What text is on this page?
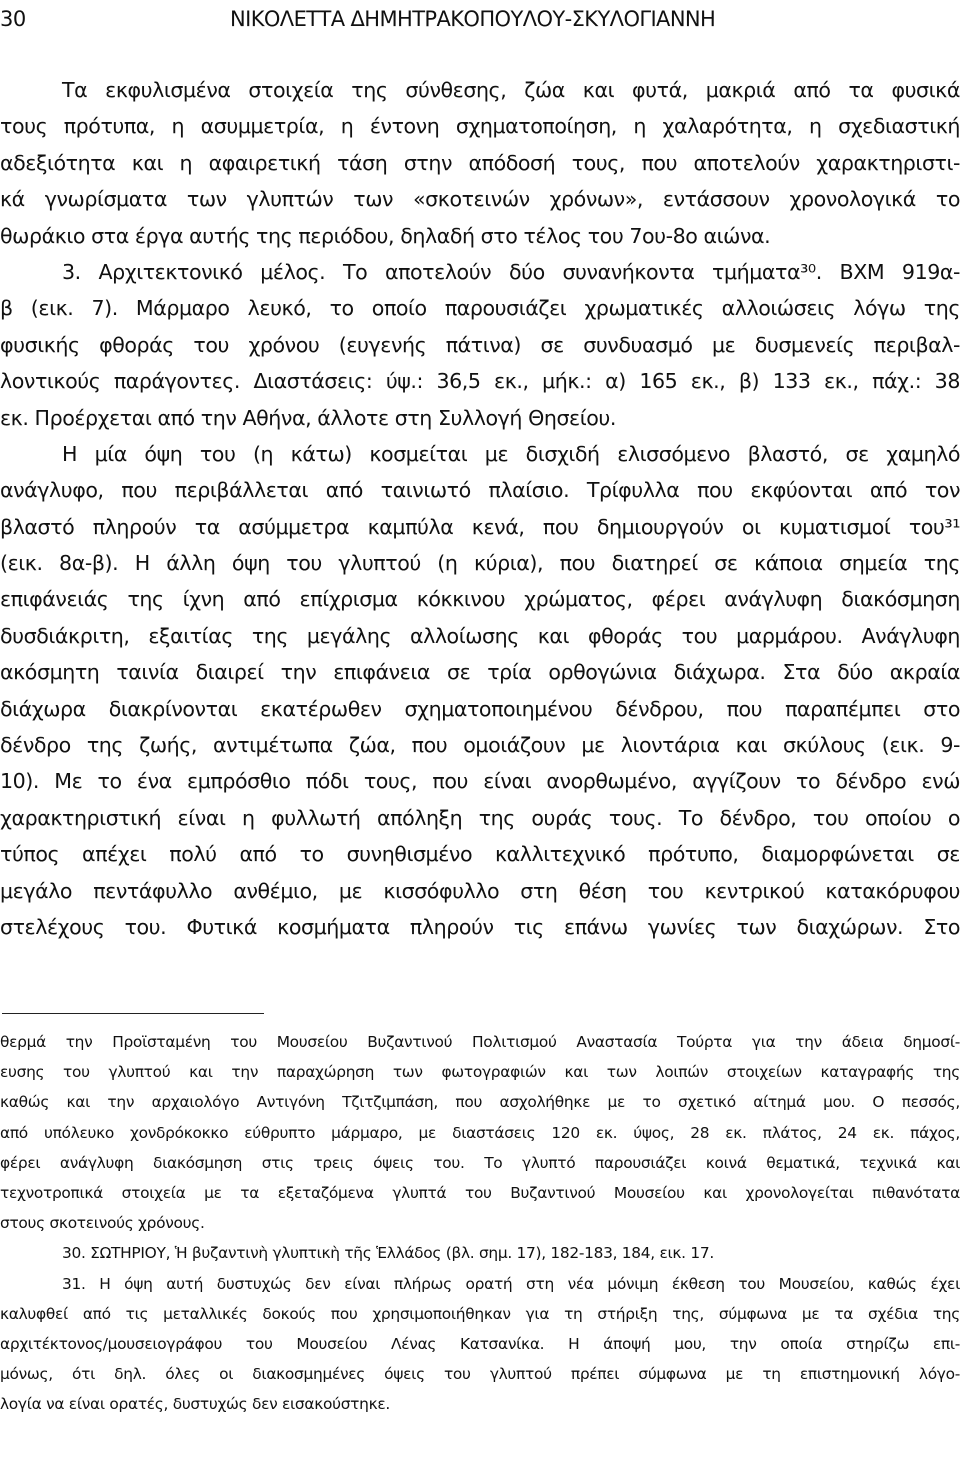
30	ΝΙΚΟΛΕΤΤΑ ΔΗΜΗΤΡΑΚΟΠΟΥΛΟΥ-ΣΚΥΛΟΓΙΑΝΝΗ
Τα εκφυλισμένα στοιχεία της σύνθεσης, ζώα και φυτά, μακριά από τα φυσικά
τους πρότυπα, η ασυμμετρία, η έντονη σχηματοποίηση, η χαλαρότητα, η σχεδιαστική
αδεξιότητα και η αφαιρετική τάση στην απόδοσή τους, που αποτελούν χαρακτηριστι-
κά γνωρίσματα των γλυπτών των «σκοτεινών χρόνων», εντάσσουν χρονολογικά το
θωράκιο στα έργα αυτής της περιόδου, δηλαδή στο τέλος του 7ου-8ο αιώνα.
3. Αρχιτεκτονικό μέλος. Το αποτελούν δύο συνανήκοντα τμήματα³⁰. ΒΧΜ 919α-
β (εικ. 7). Μάρμαρο λευκό, το οποίο παρουσιάζει χρωματικές αλλοιώσεις λόγω της
φυσικής φθοράς του χρόνου (ευγενής πάτινα) σε συνδυασμό με δυσμενείς περιβαλ-
λοντικούς παράγοντες. Διαστάσεις: ύψ.: 36,5 εκ., μήκ.: α) 165 εκ., β) 133 εκ., πάχ.: 38
εκ. Προέρχεται από την Αθήνα, άλλοτε στη Συλλογή Θησείου.
Η μία όψη του (η κάτω) κοσμείται με δισχιδή ελισσόμενο βλαστό, σε χαμηλό
ανάγλυφο, που περιβάλλεται από ταινιωτό πλαίσιο. Τρίφυλλα που εκφύονται από τον
βλαστό πληρούν τα ασύμμετρα καμπύλα κενά, που δημιουργούν οι κυματισμοί του³¹
(εικ. 8α-β). Η άλλη όψη του γλυπτού (η κύρια), που διατηρεί σε κάποια σημεία της
επιφάνειάς της ίχνη από επίχρισμα κόκκινου χρώματος, φέρει ανάγλυφη διακόσμηση
δυσδιάκριτη, εξαιτίας της μεγάλης αλλοίωσης και φθοράς του μαρμάρου. Ανάγλυφη
ακόσμητη ταινία διαιρεί την επιφάνεια σε τρία ορθογώνια διάχωρα. Στα δύο ακραία
διάχωρα διακρίνονται εκατέρωθεν σχηματοποιημένου δένδρου, που παραπέμπει στο
δένδρο της ζωής, αντιμέτωπα ζώα, που ομοιάζουν με λιοντάρια και σκύλους (εικ. 9-
10). Με το ένα εμπρόσθιο πόδι τους, που είναι ανορθωμένο, αγγίζουν το δένδρο ενώ
χαρακτηριστική είναι η φυλλωτή απόληξη της ουράς τους. Το δένδρο, του οποίου ο
τύπος απέχει πολύ από το συνηθισμένο καλλιτεχνικό πρότυπο, διαμορφώνεται σε
μεγάλο πεντάφυλλο ανθέμιο, με κισσόφυλλο στη θέση του κεντρικού κατακόρυφου
στελέχους του. Φυτικά κοσμήματα πληρούν τις επάνω γωνίες των διαχώρων. Στο
θερμά την Προϊσταμένη του Μουσείου Βυζαντινού Πολιτισμού Αναστασία Τούρτα για την άδεια δημοσί-
ευσης του γλυπτού και την παραχώρηση των φωτογραφιών και των λοιπών στοιχείων καταγραφής της
καθώς και την αρχαιολόγο Αντιγόνη Τζιτζιμπάση, που ασχολήθηκε με το σχετικό αίτημά μου. Ο πεσσός,
από υπόλευκο χονδρόκοκκο εύθρυπτο μάρμαρο, με διαστάσεις 120 εκ. ύψος, 28 εκ. πλάτος, 24 εκ. πάχος,
φέρει ανάγλυφη διακόσμηση στις τρεις όψεις του. Το γλυπτό παρουσιάζει κοινά θεματικά, τεχνικά και
τεχνοτροπικά στοιχεία με τα εξεταζόμενα γλυπτά του Βυζαντινού Μουσείου και χρονολογείται πιθανότατα
στους σκοτεινούς χρόνους.
30. ΣΩΤΗΡΙΟΥ, Ἡ βυζαντινὴ γλυπτικὴ τῆς Ἑλλάδος (βλ. σημ. 17), 182-183, 184, εικ. 17.
31. Η όψη αυτή δυστυχώς δεν είναι πλήρως ορατή στη νέα μόνιμη έκθεση του Μουσείου, καθώς έχει
καλυφθεί από τις μεταλλικές δοκούς που χρησιμοποιήθηκαν για τη στήριξη της, σύμφωνα με τα σχέδια της
αρχιτέκτονος/μουσειογράφου του Μουσείου Λένας Κατσανίκα. Η άποψή μου, την οποία στηρίζω επι-
μόνως, ότι δηλ. όλες οι διακοσμημένες όψεις του γλυπτού πρέπει σύμφωνα με τη επιστημονική λόγο-
λογία να είναι ορατές, δυστυχώς δεν εισακούστηκε.
